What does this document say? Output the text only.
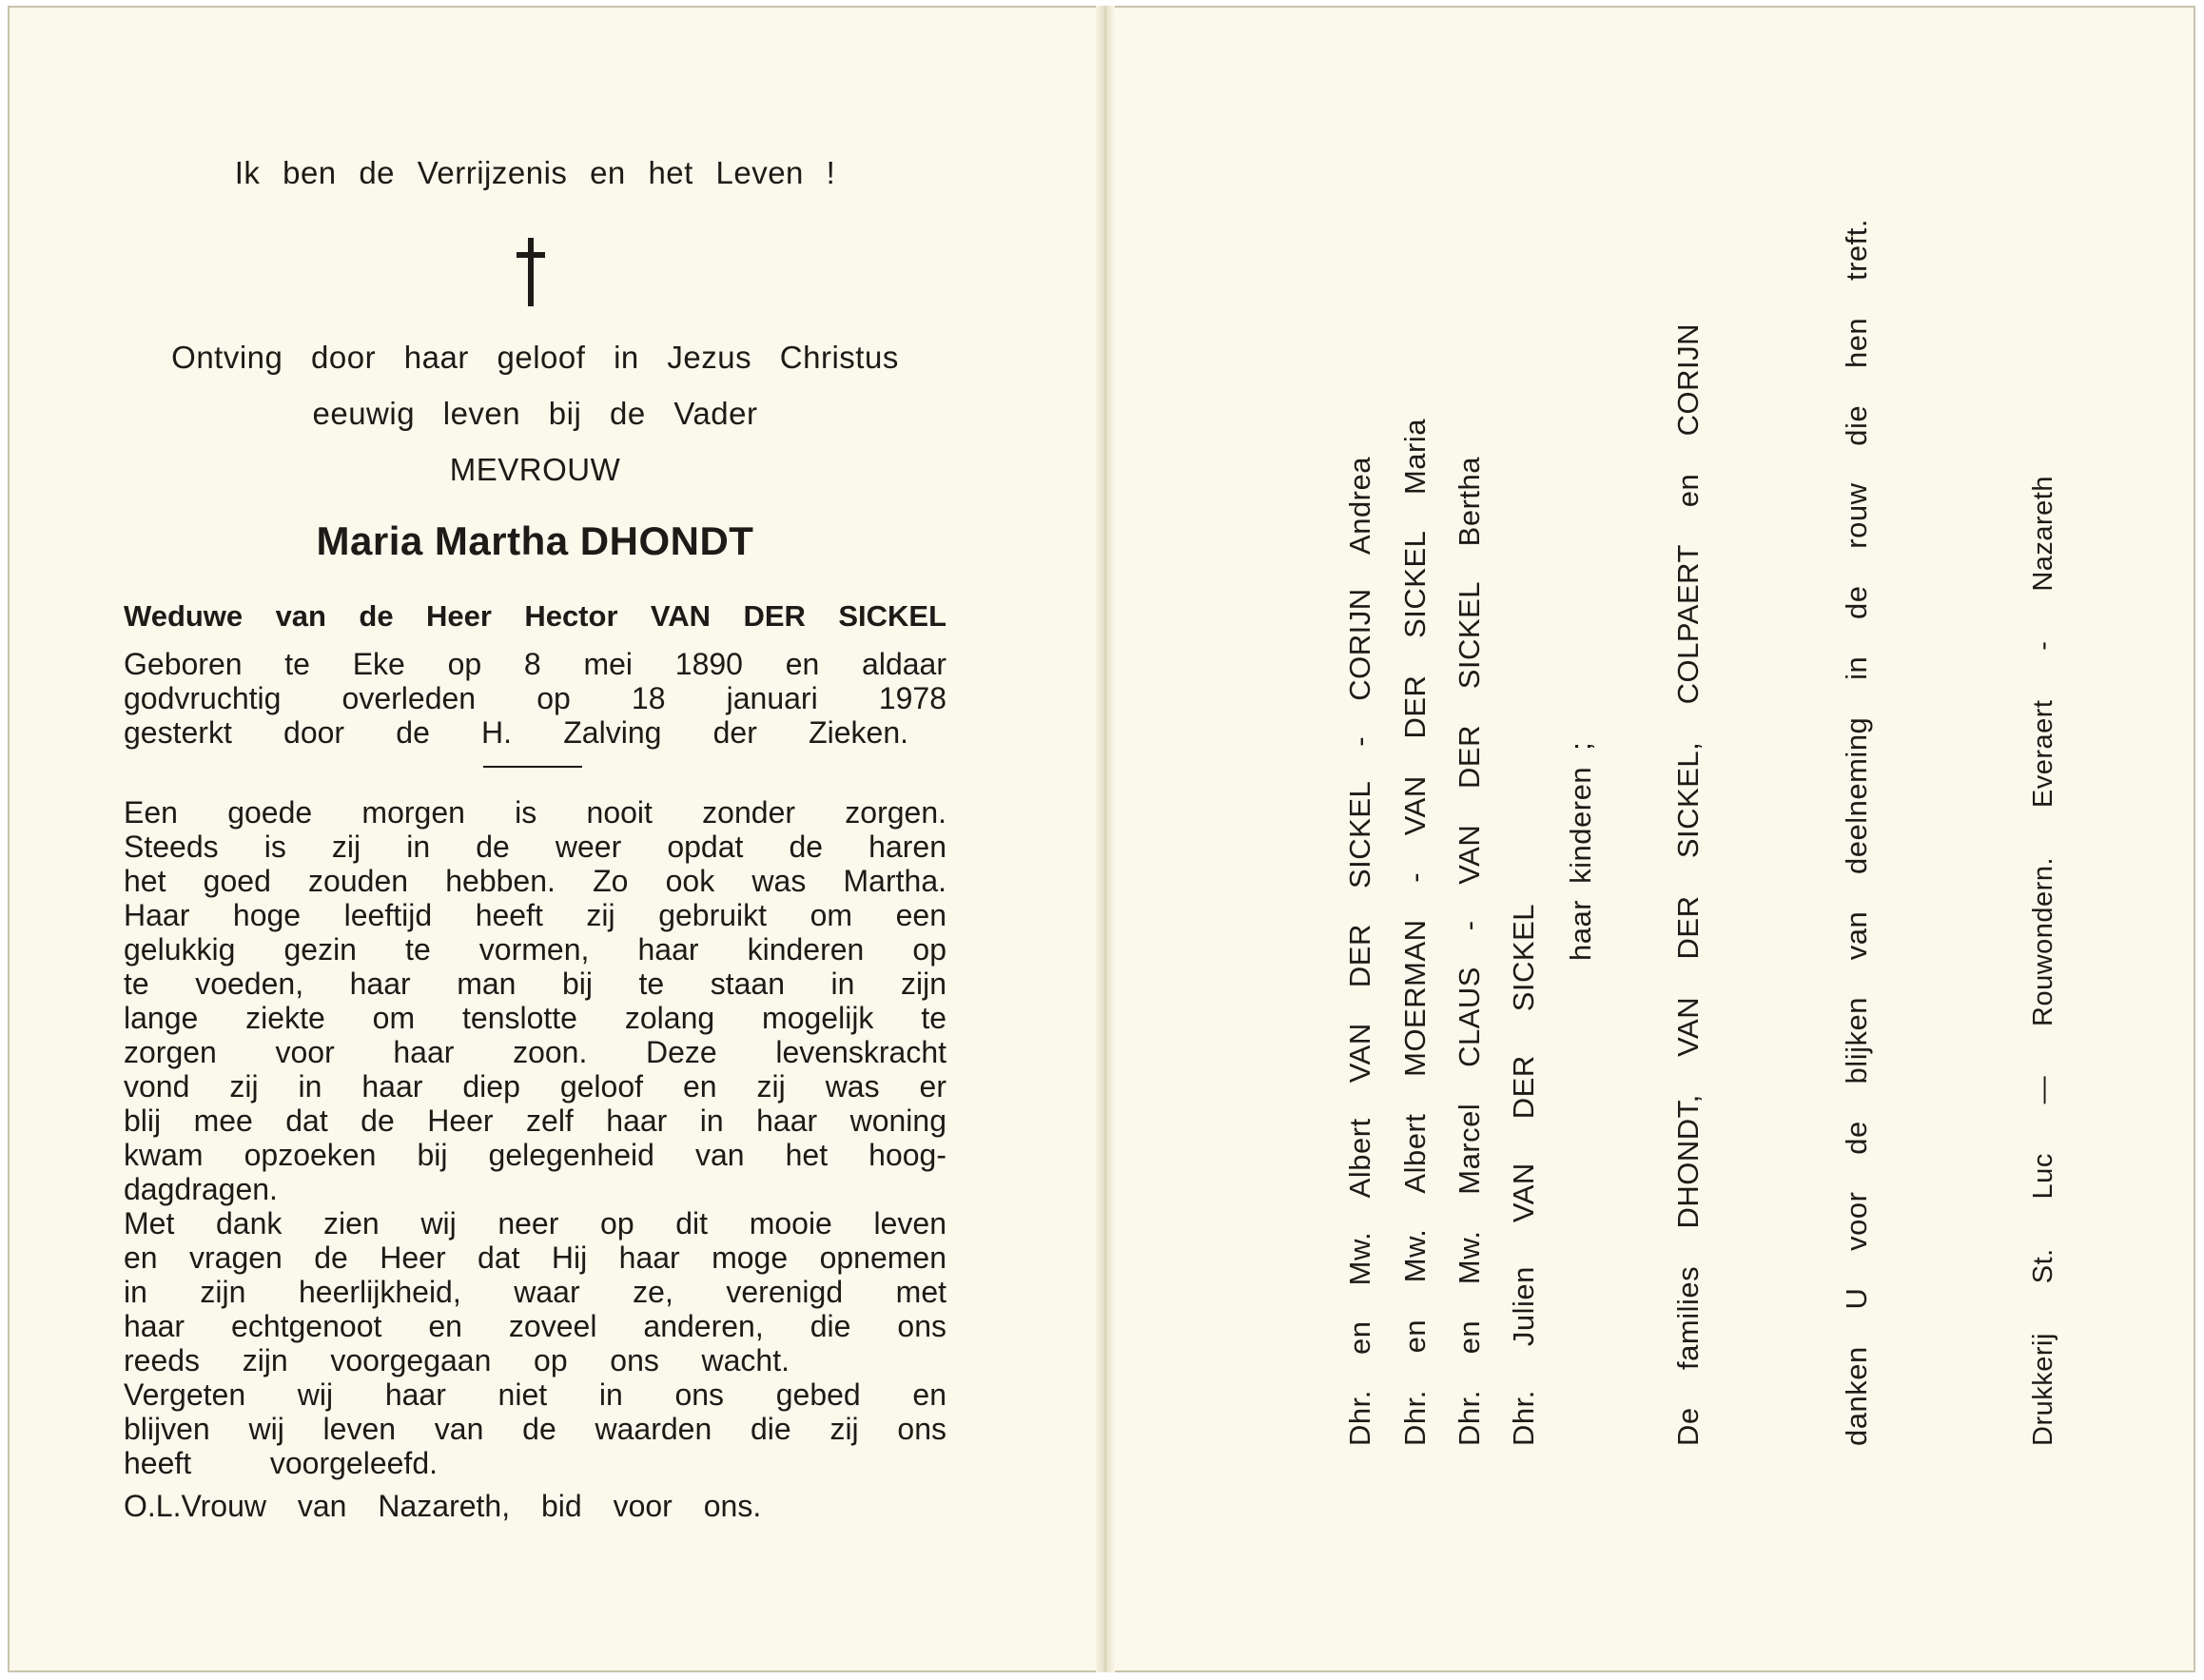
Ik ben de Verrijzenis en het Leven !
Ontving door haar geloof in Jezus Christus
eeuwig leven bij de Vader
MEVROUW
Maria Martha DHONDT
Weduwe van de Heer Hector VAN DER SICKEL
Geboren te Eke op 8 mei 1890 en aldaar
godvruchtig overleden op 18 januari 1978
gesterkt door de H. Zalving der Zieken.
Een goede morgen is nooit zonder zorgen.
Steeds is zij in de weer opdat de haren
het goed zouden hebben. Zo ook was Martha.
Haar hoge leeftijd heeft zij gebruikt om een
gelukkig gezin te vormen, haar kinderen op
te voeden, haar man bij te staan in zijn
lange ziekte om tenslotte zolang mogelijk te
zorgen voor haar zoon. Deze levenskracht
vond zij in haar diep geloof en zij was er
blij mee dat de Heer zelf haar in haar woning
kwam opzoeken bij gelegenheid van het hoog-
dagdragen.
Met dank zien wij neer op dit mooie leven
en vragen de Heer dat Hij haar moge opnemen
in zijn heerlijkheid, waar ze, verenigd met
haar echtgenoot en zoveel anderen, die ons
reeds zijn voorgegaan op ons wacht.
Vergeten wij haar niet in ons gebed en
blijven wij leven van de waarden die zij ons
heeft voorgeleefd.
O.L.Vrouw van Nazareth, bid voor ons.
Dhr. en Mw. Albert VAN DER SICKEL - CORIJN Andrea Dhr. en Mw. Albert MOERMAN - VAN DER SICKEL Maria Dhr. en Mw. Marcel CLAUS - VAN DER SICKEL Bertha Dhr. Julien VAN DER SICKEL
haar kinderen ;	De families DHONDT, VAN DER SICKEL, COLPAERT en CORIJN	danken U voor de blijken van deelneming in de rouw die hen treft.	Drukkerij St. Luc — Rouwondern. Everaert - Nazareth
